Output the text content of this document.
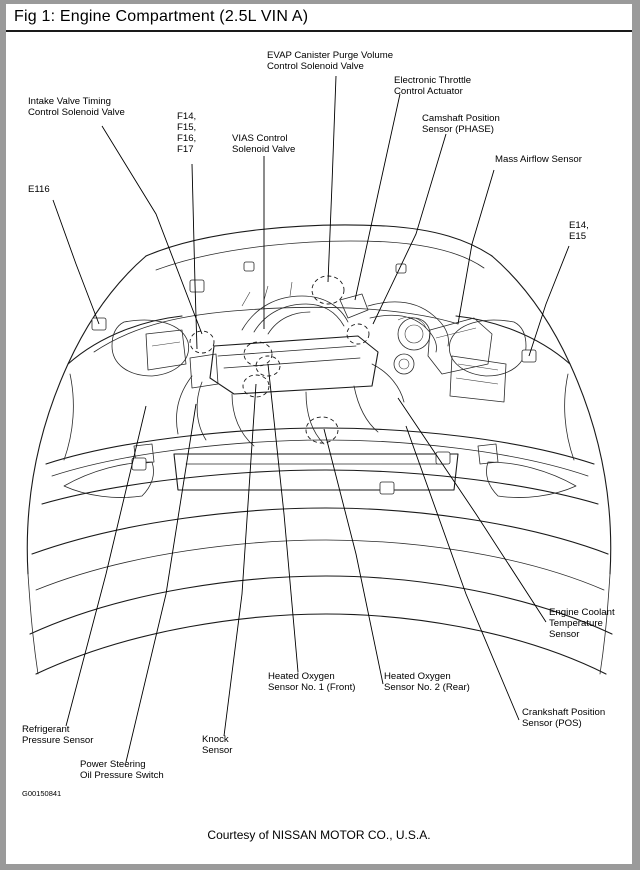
Fig 1: Engine Compartment (2.5L VIN A)
Intake Valve Timing Control Solenoid Valve
E116
F14, F15, F16, F17
VIAS Control Solenoid Valve
EVAP Canister Purge Volume Control Solenoid Valve
Electronic Throttle Control Actuator
Camshaft Position Sensor (PHASE)
Mass Airflow Sensor
E14, E15
Engine Coolant Temperature Sensor
Crankshaft Position Sensor (POS)
Heated Oxygen Sensor No. 2 (Rear)
Heated Oxygen Sensor No. 1 (Front)
Knock Sensor
Power Steering Oil Pressure Switch
Refrigerant Pressure Sensor
G00150841
Courtesy of NISSAN MOTOR CO., U.S.A.
